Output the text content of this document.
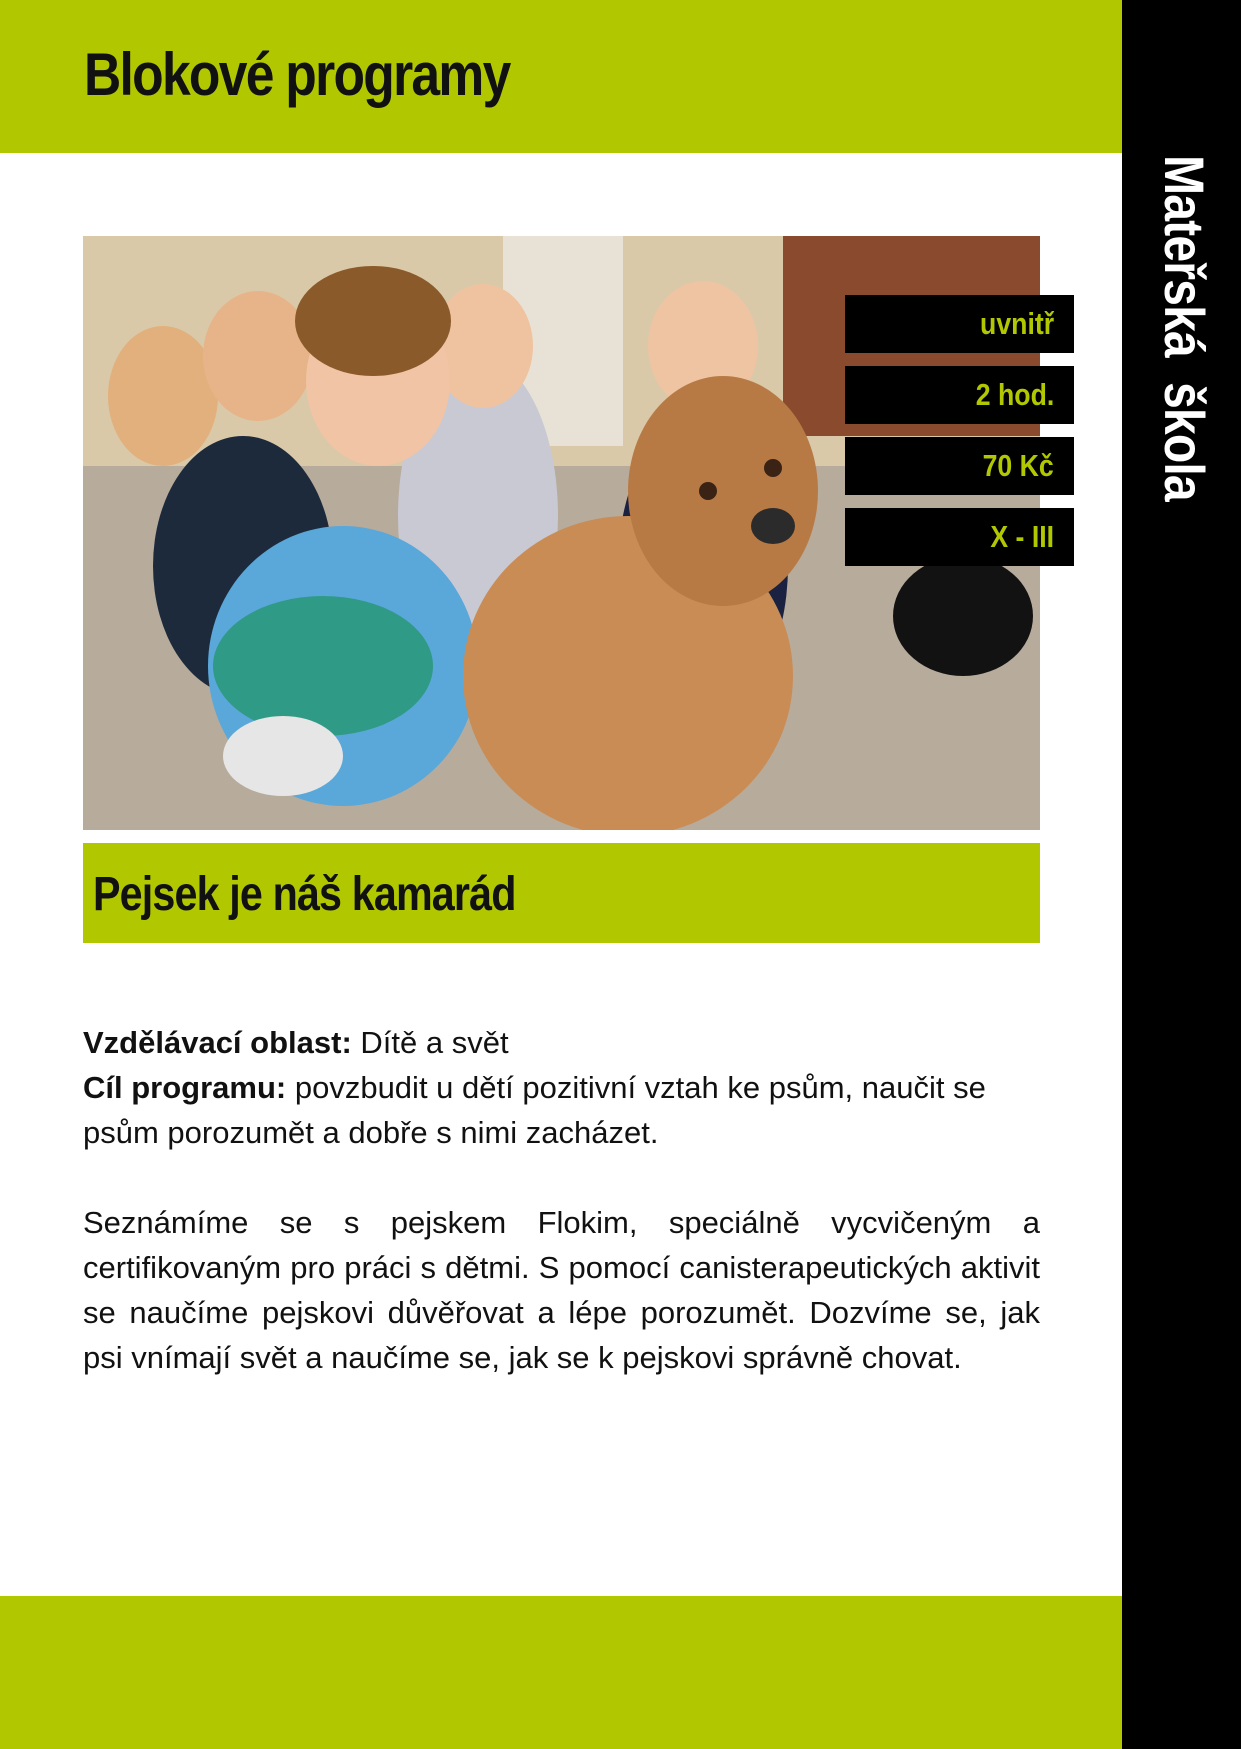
Blokové programy
Mateřská  škola
uvnitř
2 hod.
70 Kč
X - III
Pejsek je náš kamarád

Vzdělávací oblast: Dítě a svět

Cíl programu: povzbudit u dětí pozitivní vztah ke psům, naučit se psům porozumět a dobře s nimi zacházet.

Seznámíme se s pejskem Flokim, speciálně vycvičeným a certifikovaným pro práci s dětmi. S pomocí canisterapeutických aktivit se naučíme pejskovi důvěřovat a lépe porozumět. Dozvíme se, jak psi vnímají svět a naučíme se, jak se k pejskovi správně chovat.
